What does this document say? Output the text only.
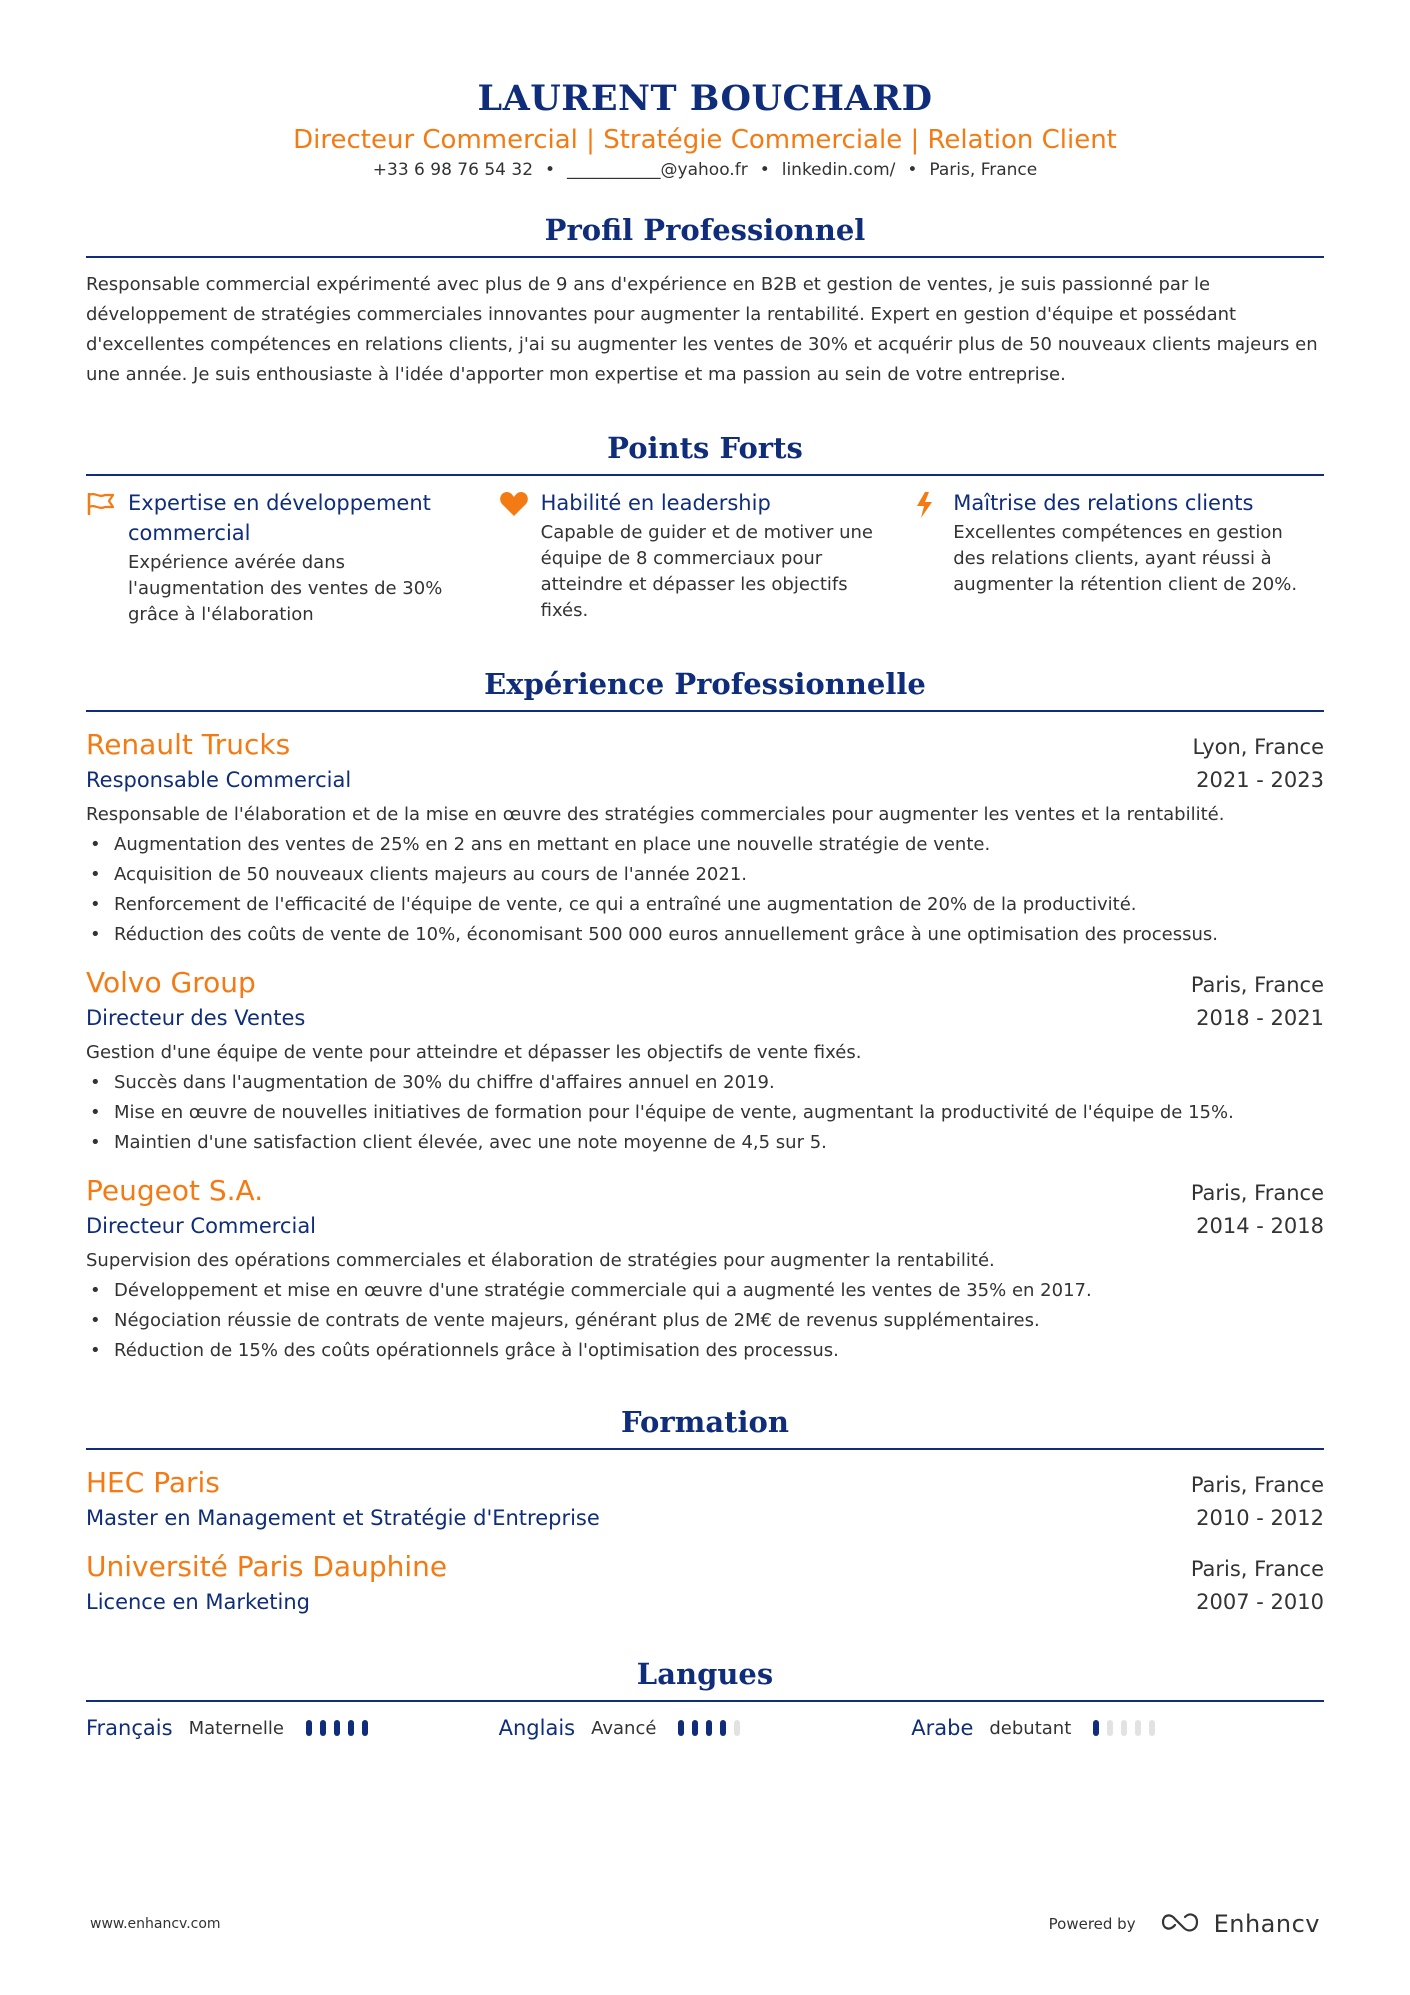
LAURENT BOUCHARD
Directeur Commercial | Stratégie Commerciale | Relation Client
+33 6 98 76 54 32 • ___________@yahoo.fr • linkedin.com/ • Paris, France
Profil Professionnel
Responsable commercial expérimenté avec plus de 9 ans d'expérience en B2B et gestion de ventes, je suis passionné par le développement de stratégies commerciales innovantes pour augmenter la rentabilité. Expert en gestion d'équipe et possédant d'excellentes compétences en relations clients, j'ai su augmenter les ventes de 30% et acquérir plus de 50 nouveaux clients majeurs en une année. Je suis enthousiaste à l'idée d'apporter mon expertise et ma passion au sein de votre entreprise.
Points Forts
Expertise en développement commercial
Expérience avérée dans l'augmentation des ventes de 30% grâce à l'élaboration
Habilité en leadership
Capable de guider et de motiver une équipe de 8 commerciaux pour atteindre et dépasser les objectifs fixés.
Maîtrise des relations clients
Excellentes compétences en gestion des relations clients, ayant réussi à augmenter la rétention client de 20%.
Expérience Professionnelle
Renault Trucks	Lyon, France
Responsable Commercial	2021 - 2023
Responsable de l'élaboration et de la mise en œuvre des stratégies commerciales pour augmenter les ventes et la rentabilité.
• Augmentation des ventes de 25% en 2 ans en mettant en place une nouvelle stratégie de vente.
• Acquisition de 50 nouveaux clients majeurs au cours de l'année 2021.
• Renforcement de l'efficacité de l'équipe de vente, ce qui a entraîné une augmentation de 20% de la productivité.
• Réduction des coûts de vente de 10%, économisant 500 000 euros annuellement grâce à une optimisation des processus.
Volvo Group	Paris, France
Directeur des Ventes	2018 - 2021
Gestion d'une équipe de vente pour atteindre et dépasser les objectifs de vente fixés.
• Succès dans l'augmentation de 30% du chiffre d'affaires annuel en 2019.
• Mise en œuvre de nouvelles initiatives de formation pour l'équipe de vente, augmentant la productivité de l'équipe de 15%.
• Maintien d'une satisfaction client élevée, avec une note moyenne de 4,5 sur 5.
Peugeot S.A.	Paris, France
Directeur Commercial	2014 - 2018
Supervision des opérations commerciales et élaboration de stratégies pour augmenter la rentabilité.
• Développement et mise en œuvre d'une stratégie commerciale qui a augmenté les ventes de 35% en 2017.
• Négociation réussie de contrats de vente majeurs, générant plus de 2M€ de revenus supplémentaires.
• Réduction de 15% des coûts opérationnels grâce à l'optimisation des processus.
Formation
HEC Paris	Paris, France
Master en Management et Stratégie d'Entreprise	2010 - 2012
Université Paris Dauphine	Paris, France
Licence en Marketing	2007 - 2010
Langues
Français Maternelle	Anglais Avancé	Arabe debutant
www.enhancv.com	Powered by	Enhancv
